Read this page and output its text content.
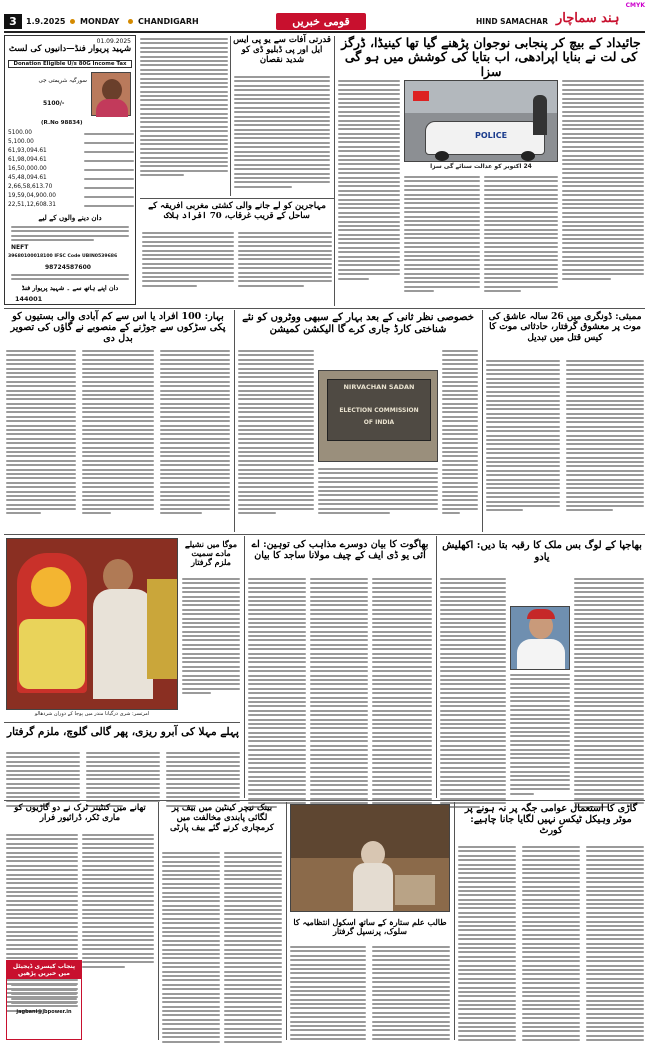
CMYK
3	1.9.2025 MONDAY CHANDIGARH	قومی خبریں	HIND SAMACHAR ہند سماچار
01.09.2025
شہید پریوار فنڈ—دانیوں کی لسٹ
Donation Eligible U/s 80G Income Tax
سورگیہ شریمتی جی
5100/-
(R.No 98834)
5100.00
5,100.00
61,93,094.61
61,98,094.61
16,50,000.00
45,48,094.61
2,66,58,613.70
19,59,04,900.00
22,51,12,608.31
دان دینے والوں کے لیے
NEFT
39680100018100 IFSC Code UBIN0539686
98724587600
دان اپنے ہاتھ سے ۔ شہید پریوار فنڈ
144001
قدرتی آفات سے یو پی ایس ایل اور پی ڈبلیو ڈی کو شدید نقصان
مہاجرین کو لے جانے والی کشتی مغربی افریقہ کے ساحل کے قریب غرقاب، 70 افراد ہلاک
جائیداد کے بیچ کر پنجابی نوجوان پڑھنے گیا تھا کینیڈا، ڈرگز کی لت نے بنایا اپرادھی، اب بتایا کی کوشش میں ہو گی سزا
POLICE
24 اکتوبر کو عدالت سنائے گی سزا
بہار: 100 افراد یا اس سے کم آبادی والی بستیوں کو پکی سڑکوں سے جوڑنے کے منصوبے نے گاؤں کی تصویر بدل دی
خصوصی نظر ثانی کے بعد بہار کے سبھی ووٹروں کو نئے شناختی کارڈ جاری کرے گا الیکشن کمیشن
NIRVACHAN SADAN
ELECTION COMMISSION
OF INDIA
ممبئی: ڈونگری میں 26 سالہ عاشق کی موت پر معشوق گرفتار، حادثاتی موت کا کیس قتل میں تبدیل
امرتسر: شری درگیانا مندر میں پوجا کے دوران شردھالو
موگا میں نشیلے مادے سمیت ملزم گرفتار
پہلے مہلا کی آبرو ریزی، پھر گالی گلوچ، ملزم گرفتار
بھاگوت کا بیان دوسرے مذاہب کی توہین: اے آئی یو ڈی ایف کے چیف مولانا ساجد کا بیان
بھاجپا کے لوگ بس ملک کا رقبہ بتا دیں: اکھلیش یادو
تھانے میں کنٹینر ٹرک نے دو گاڑیوں کو ماری ٹکر، ڈرائیور فرار
پنجاب کیسری ڈیجیٹل میں خبریں پڑھیں
jagbani@jbpower.in
بینک نیچر کینٹین میں بیف پر لگائی پابندی مخالفت میں کرمچاری کرنے گئے بیف پارٹی
طالب علم ستارہ کے ساتھ اسکول انتظامیہ کا سلوک، پرنسپل گرفتار
گاڑی کا استعمال عوامی جگہ پر نہ ہونے پر موٹر وہیکل ٹیکس نہیں لگایا جانا چاہیے: کورٹ
